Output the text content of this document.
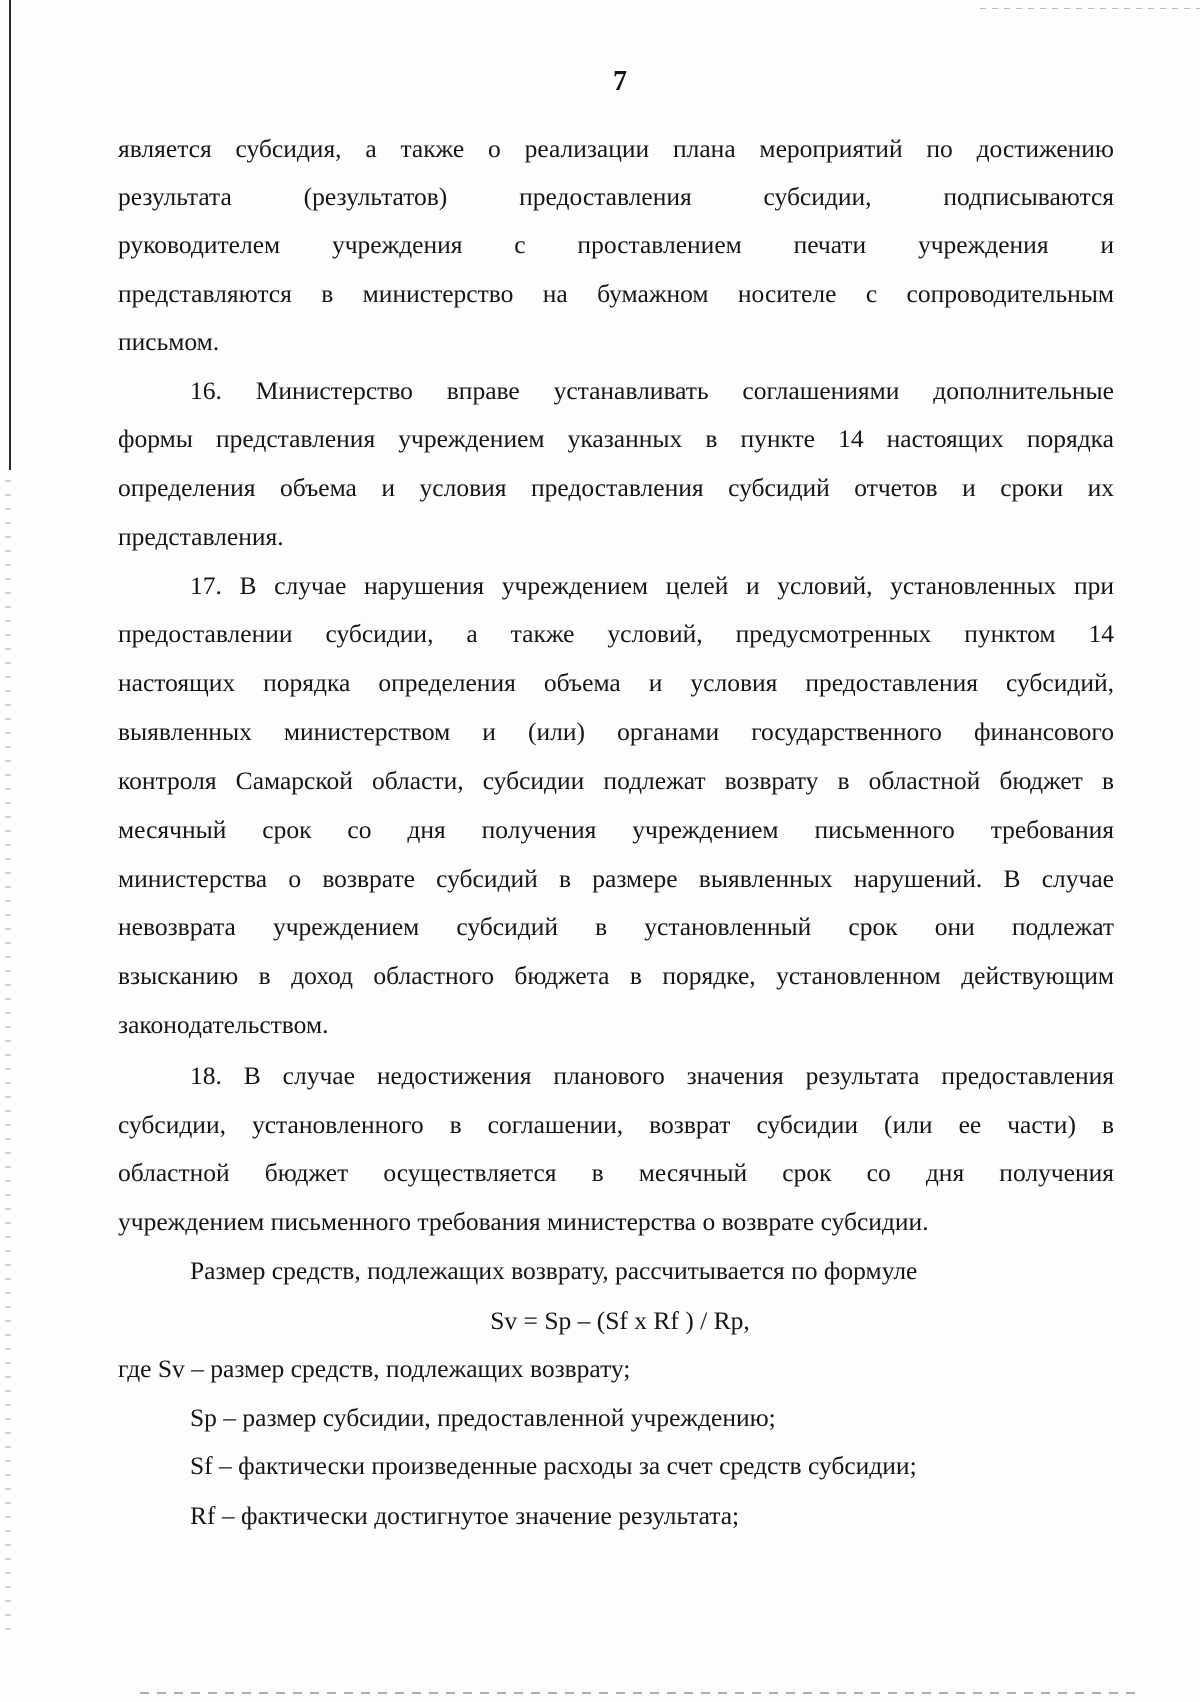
7
является субсидия, а также о реализации плана мероприятий по достижению
результата (результатов) предоставления субсидии, подписываются
руководителем учреждения с проставлением печати учреждения и
представляются в министерство на бумажном носителе с сопроводительным
письмом.
16. Министерство вправе устанавливать соглашениями дополнительные
формы представления учреждением указанных в пункте 14 настоящих порядка
определения объема и условия предоставления субсидий отчетов и сроки их
представления.
17. В случае нарушения учреждением целей и условий, установленных при
предоставлении субсидии, а также условий, предусмотренных пунктом 14
настоящих порядка определения объема и условия предоставления субсидий,
выявленных министерством и (или) органами государственного финансового
контроля Самарской области, субсидии подлежат возврату в областной бюджет в
месячный срок со дня получения учреждением письменного требования
министерства о возврате субсидий в размере выявленных нарушений. В случае
невозврата учреждением субсидий в установленный срок они подлежат
взысканию в доход областного бюджета в порядке, установленном действующим
законодательством.
18. В случае недостижения планового значения результата предоставления
субсидии, установленного в соглашении, возврат субсидии (или ее части) в
областной бюджет осуществляется в месячный срок со дня получения
учреждением письменного требования министерства о возврате субсидии.
Размер средств, подлежащих возврату, рассчитывается по формуле
Sv = Sp – (Sf x Rf ) / Rp,
где Sv – размер средств, подлежащих возврату;
Sp – размер субсидии, предоставленной учреждению;
Sf – фактически произведенные расходы за счет средств субсидии;
Rf – фактически достигнутое значение результата;
